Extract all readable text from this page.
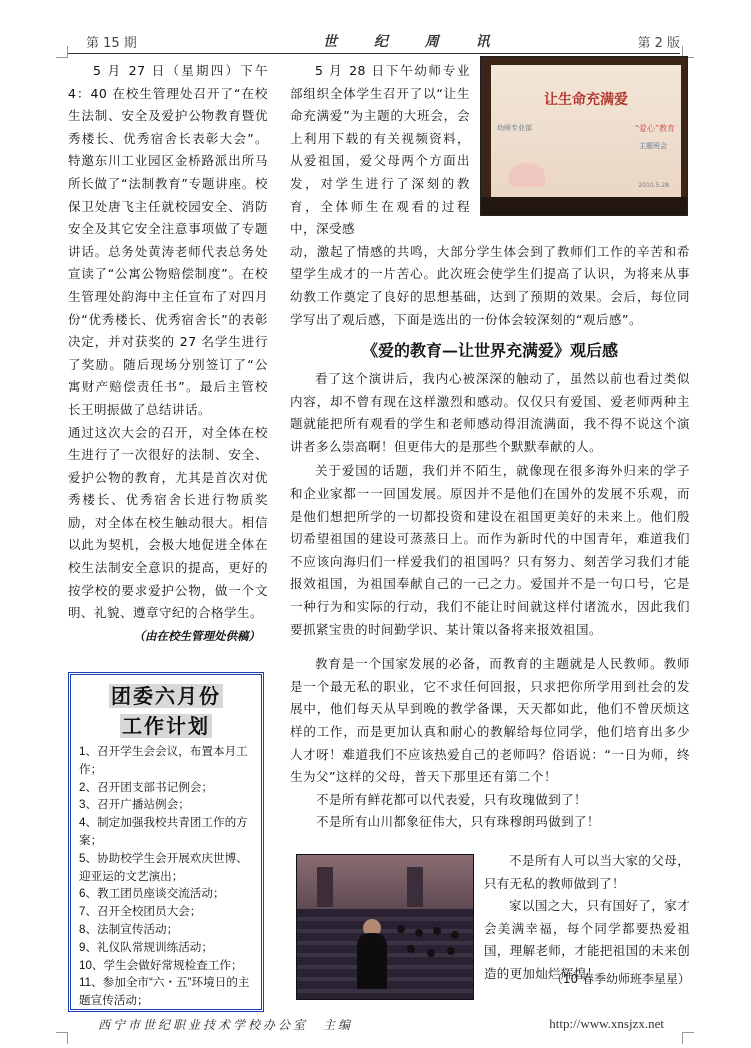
第 15 期	世 纪 周 讯	第 2 版

5 月 27 日（星期四）下午 4：40 在校生管理处召开了“在校生法制、安全及爱护公物教育暨优秀楼长、优秀宿舍长表彰大会”。特邀东川工业园区金桥路派出所马所长做了“法制教育”专题讲座。校保卫处唐飞主任就校园安全、消防安全及其它安全注意事项做了专题讲话。总务处黄涛老师代表总务处宣读了“公寓公物赔偿制度”。在校生管理处韵海中主任宣布了对四月份“优秀楼长、优秀宿舍长”的表彰决定，并对获奖的 27 名学生进行了奖励。随后现场分别签订了“公寓财产赔偿责任书”。最后主管校长王明振做了总结讲话。

通过这次大会的召开，对全体在校生进行了一次很好的法制、安全、爱护公物的教育，尤其是首次对优秀楼长、优秀宿舍长进行物质奖励，对全体在校生触动很大。相信以此为契机，会极大地促进全体在校生法制安全意识的提高，更好的按学校的要求爱护公物，做一个文明、礼貌、遵章守纪的合格学生。

（由在校生管理处供稿）

5 月 28 日下午幼师专业部组织全体学生召开了以“让生命充满爱”为主题的大班会，会上利用下载的有关视频资料，从爱祖国，爱父母两个方面出发，对学生进行了深刻的教育，全体师生在观看的过程中，深受感

动，激起了情感的共鸣，大部分学生体会到了教师们工作的辛苦和希望学生成才的一片苦心。此次班会使学生们提高了认识，为将来从事幼教工作奠定了良好的思想基础，达到了预期的效果。会后，每位同学写出了观后感，下面是选出的一份体会较深刻的“观后感”。

让生命充满爱
幼师专业部	“爱心”教育
主题班会
2010.5.28
《爱的教育—让世界充满爱》观后感

看了这个演讲后，我内心被深深的触动了，虽然以前也看过类似内容，却不曾有现在这样激烈和感动。仅仅只有爱国、爱老师两种主题就能把所有观看的学生和老师感动得泪流满面，我不得不说这个演讲者多么崇高啊！但更伟大的是那些个默默奉献的人。

关于爱国的话题，我们并不陌生，就像现在很多海外归来的学子和企业家都一一回国发展。原因并不是他们在国外的发展不乐观，而是他们想把所学的一切都投资和建设在祖国更美好的未来上。他们殷切希望祖国的建设可蒸蒸日上。而作为新时代的中国青年，难道我们不应该向海归们一样爱我们的祖国吗？只有努力、刻苦学习我们才能报效祖国，为祖国奉献自己的一己之力。爱国并不是一句口号，它是一种行为和实际的行动，我们不能让时间就这样付诸流水，因此我们要抓紧宝贵的时间勤学识、某计策以备将来报效祖国。

教育是一个国家发展的必备，而教育的主题就是人民教师。教师是一个最无私的职业，它不求任何回报，只求把你所学用到社会的发展中，他们每天从早到晚的教学备课，天天都如此，他们不曾厌烦这样的工作，而是更加认真和耐心的教解给每位同学，他们培育出多少人才呀！难道我们不应该热爱自己的老师吗？俗语说：“一日为师，终生为父”这样的父母，普天下那里还有第二个！

不是所有鲜花都可以代表爱，只有玫瑰做到了！

不是所有山川都象征伟大，只有珠穆朗玛做到了！

不是所有人可以当大家的父母，只有无私的教师做到了！

家以国之大，只有国好了，家才会美满幸福，每个同学都要热爱祖国，理解老师，才能把祖国的未来创造的更加灿烂辉煌！

（10 春季幼师班李星星）
团委六月份
工作计划
1、召开学生会会议，布置本月工作；
2、召开团支部书记例会；
3、召开广播站例会；
4、制定加强我校共青团工作的方案；
5、协助校学生会开展欢庆世博、迎亚运的文艺演出；
6、教工团员座谈交流活动；
7、召开全校团员大会；
8、法制宣传活动；
9、礼仪队常规训练活动；
10、学生会做好常规检查工作；
11、参加全市“六・五”环境日的主题宣传活动；
西宁市世纪职业技术学校办公室　主编	http://www.xnsjzx.net
